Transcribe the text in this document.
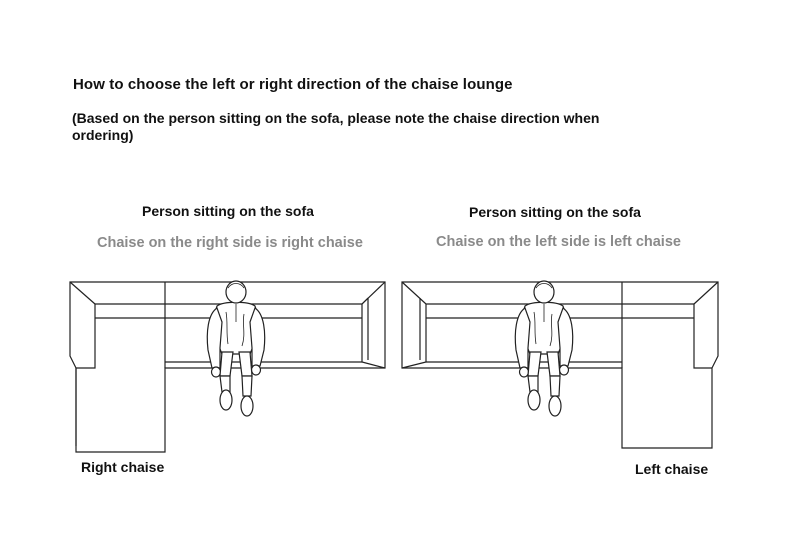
How to choose the left or right direction of the chaise lounge
(Based on the person sitting on the sofa, please note the chaise direction when ordering)
Person sitting on the sofa
Chaise on the right side is right chaise
Person sitting on the sofa
Chaise on the left side is left chaise
Right chaise	Left chaise
